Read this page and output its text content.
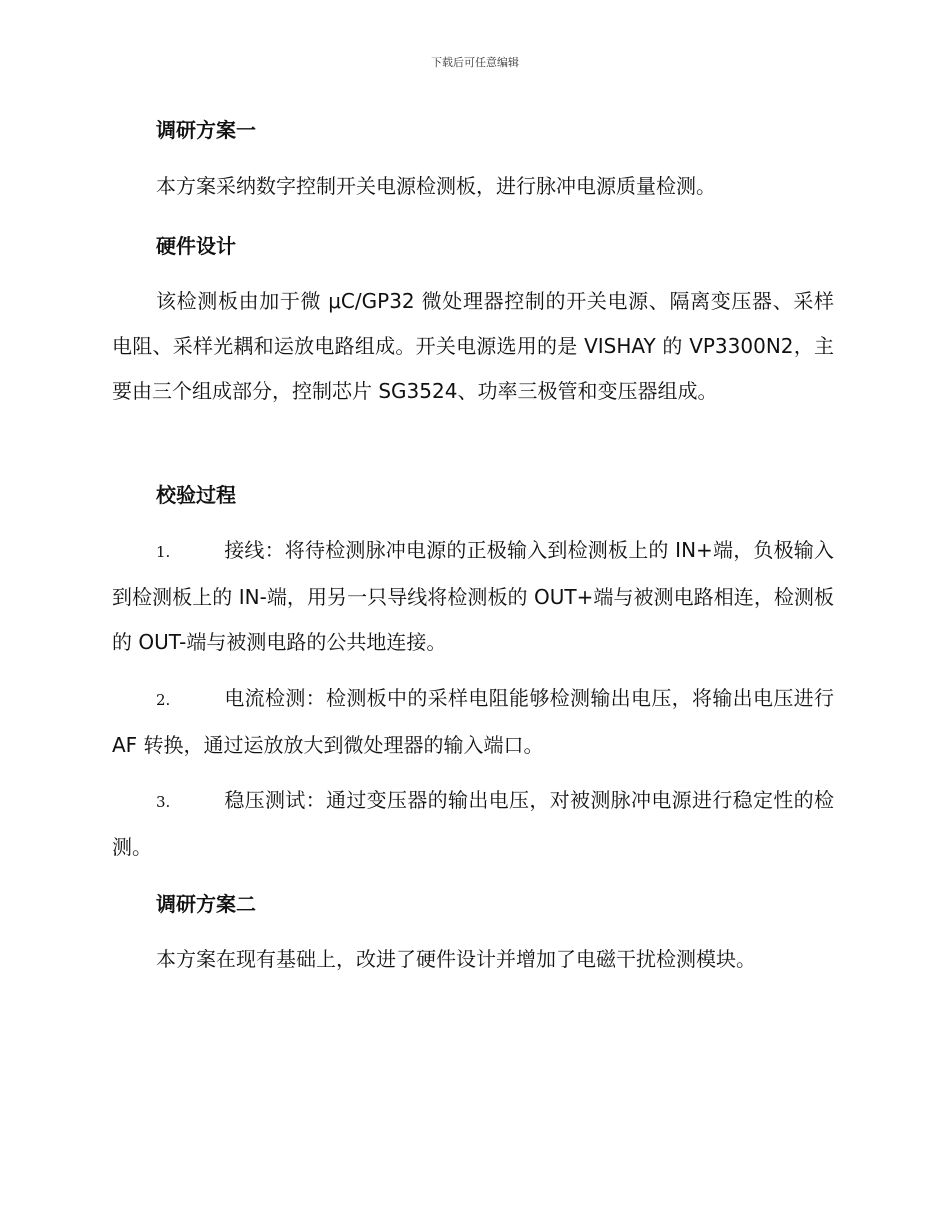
下载后可任意编辑
调研方案一
本方案采纳数字控制开关电源检测板，进行脉冲电源质量检测。
硬件设计
该检测板由加于微 μC/GP32 微处理器控制的开关电源、隔离变压器、采样电阻、采样光耦和运放电路组成。开关电源选用的是 VISHAY 的 VP3300N2，主要由三个组成部分，控制芯片 SG3524、功率三极管和变压器组成。
校验过程
1.	接线：将待检测脉冲电源的正极输入到检测板上的 IN+端，负极输入到检测板上的 IN-端，用另一只导线将检测板的 OUT+端与被测电路相连，检测板的 OUT-端与被测电路的公共地连接。
2.	电流检测：检测板中的采样电阻能够检测输出电压，将输出电压进行 AF 转换，通过运放放大到微处理器的输入端口。
3.	稳压测试：通过变压器的输出电压，对被测脉冲电源进行稳定性的检测。
调研方案二
本方案在现有基础上，改进了硬件设计并增加了电磁干扰检测模块。
